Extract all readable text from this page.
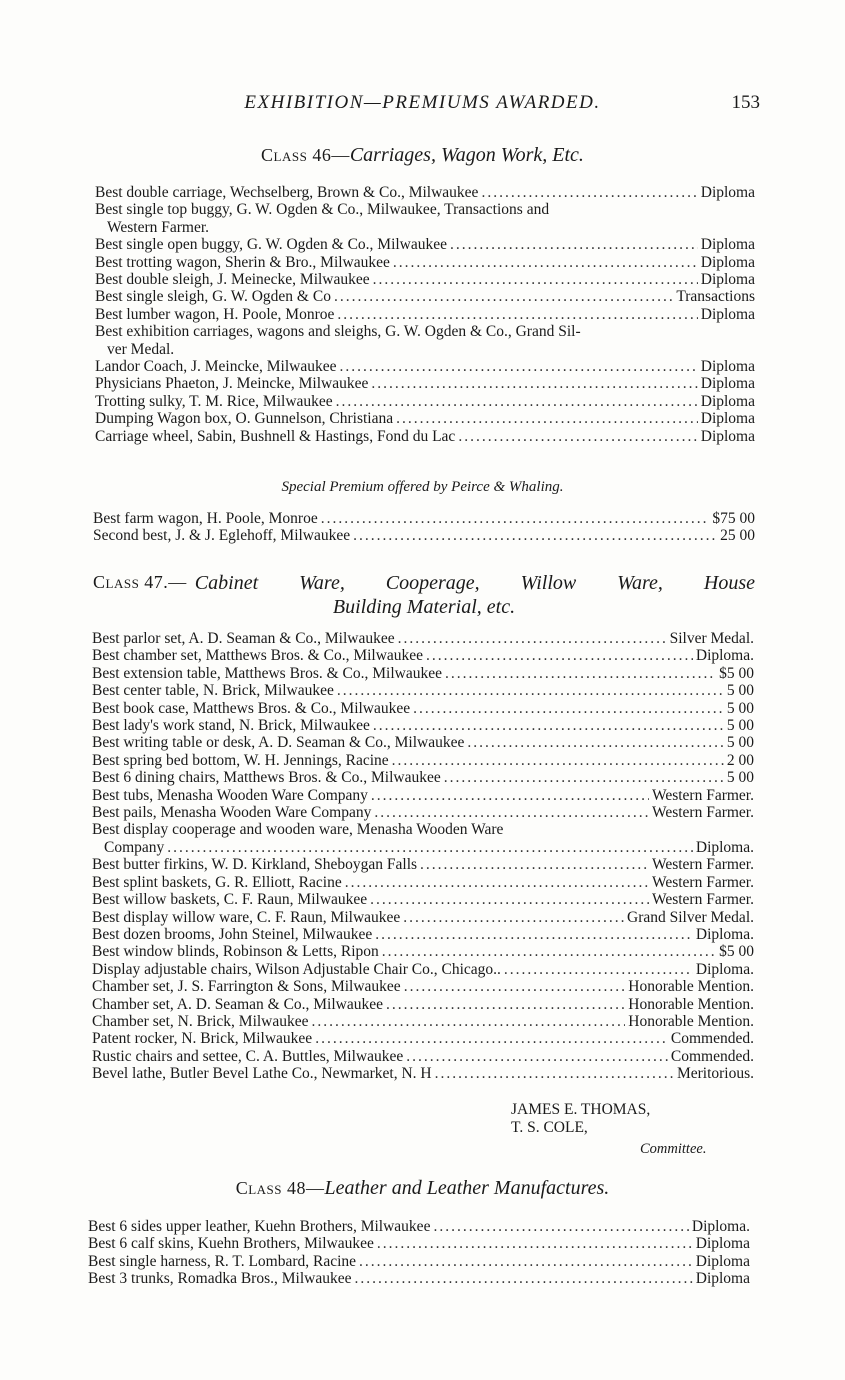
EXHIBITION—PREMIUMS AWARDED.	153
Class 46—Carriages, Wagon Work, Etc.
Best double carriage, Wechselberg, Brown & Co., Milwaukee .....	Diploma
Best single top buggy, G. W. Ogden & Co., Milwaukee, Transactions and
Western Farmer.
Best single open buggy, G. W. Ogden & Co., Milwaukee .....	Diploma
Best trotting wagon, Sherin & Bro., Milwaukee .....	Diploma
Best double sleigh, J. Meinecke, Milwaukee .....	Diploma
Best single sleigh, G. W. Ogden & Co .....	Transactions
Best lumber wagon, H. Poole, Monroe .....	Diploma
Best exhibition carriages, wagons and sleighs, G. W. Ogden & Co., Grand Sil-
ver Medal.
Landor Coach, J. Meincke, Milwaukee .....	Diploma
Physicians Phaeton, J. Meincke, Milwaukee .....	Diploma
Trotting sulky, T. M. Rice, Milwaukee .....	Diploma
Dumping Wagon box, O. Gunnelson, Christiana .....	Diploma
Carriage wheel, Sabin, Bushnell & Hastings, Fond du Lac .....	Diploma
Special Premium offered by Peirce & Whaling.
Best farm wagon, H. Poole, Monroe .....	$75 00
Second best, J. & J. Eglehoff, Milwaukee .....	25 00
Class 47.— Cabinet Ware, Cooperage, Willow Ware, House
Building Material, etc.
Best parlor set, A. D. Seaman & Co., Milwaukee .....	Silver Medal.
Best chamber set, Matthews Bros. & Co., Milwaukee .....	Diploma.
Best extension table, Matthews Bros. & Co., Milwaukee .....	$5 00
Best center table, N. Brick, Milwaukee .....	5 00
Best book case, Matthews Bros. & Co., Milwaukee .....	5 00
Best lady's work stand, N. Brick, Milwaukee .....	5 00
Best writing table or desk, A. D. Seaman & Co., Milwaukee .....	5 00
Best spring bed bottom, W. H. Jennings, Racine .....	2 00
Best 6 dining chairs, Matthews Bros. & Co., Milwaukee .....	5 00
Best tubs, Menasha Wooden Ware Company .....	Western Farmer.
Best pails, Menasha Wooden Ware Company .....	Western Farmer.
Best display cooperage and wooden ware, Menasha Wooden Ware
Company .....	Diploma.
Best butter firkins, W. D. Kirkland, Sheboygan Falls .....	Western Farmer.
Best splint baskets, G. R. Elliott, Racine .....	Western Farmer.
Best willow baskets, C. F. Raun, Milwaukee .....	Western Farmer.
Best display willow ware, C. F. Raun, Milwaukee .....	Grand Silver Medal.
Best dozen brooms, John Steinel, Milwaukee .....	Diploma.
Best window blinds, Robinson & Letts, Ripon .....	$5 00
Display adjustable chairs, Wilson Adjustable Chair Co., Chicago.. .....	Diploma.
Chamber set, J. S. Farrington & Sons, Milwaukee .....	Honorable Mention.
Chamber set, A. D. Seaman & Co., Milwaukee .....	Honorable Mention.
Chamber set, N. Brick, Milwaukee .....	Honorable Mention.
Patent rocker, N. Brick, Milwaukee .....	Commended.
Rustic chairs and settee, C. A. Buttles, Milwaukee .....	Commended.
Bevel lathe, Butler Bevel Lathe Co., Newmarket, N. H .....	Meritorious.
JAMES E. THOMAS,
T. S. COLE,
Committee.
Class 48—Leather and Leather Manufactures.
Best 6 sides upper leather, Kuehn Brothers, Milwaukee .....	Diploma.
Best 6 calf skins, Kuehn Brothers, Milwaukee .....	Diploma
Best single harness, R. T. Lombard, Racine .....	Diploma
Best 3 trunks, Romadka Bros., Milwaukee .....	Diploma
